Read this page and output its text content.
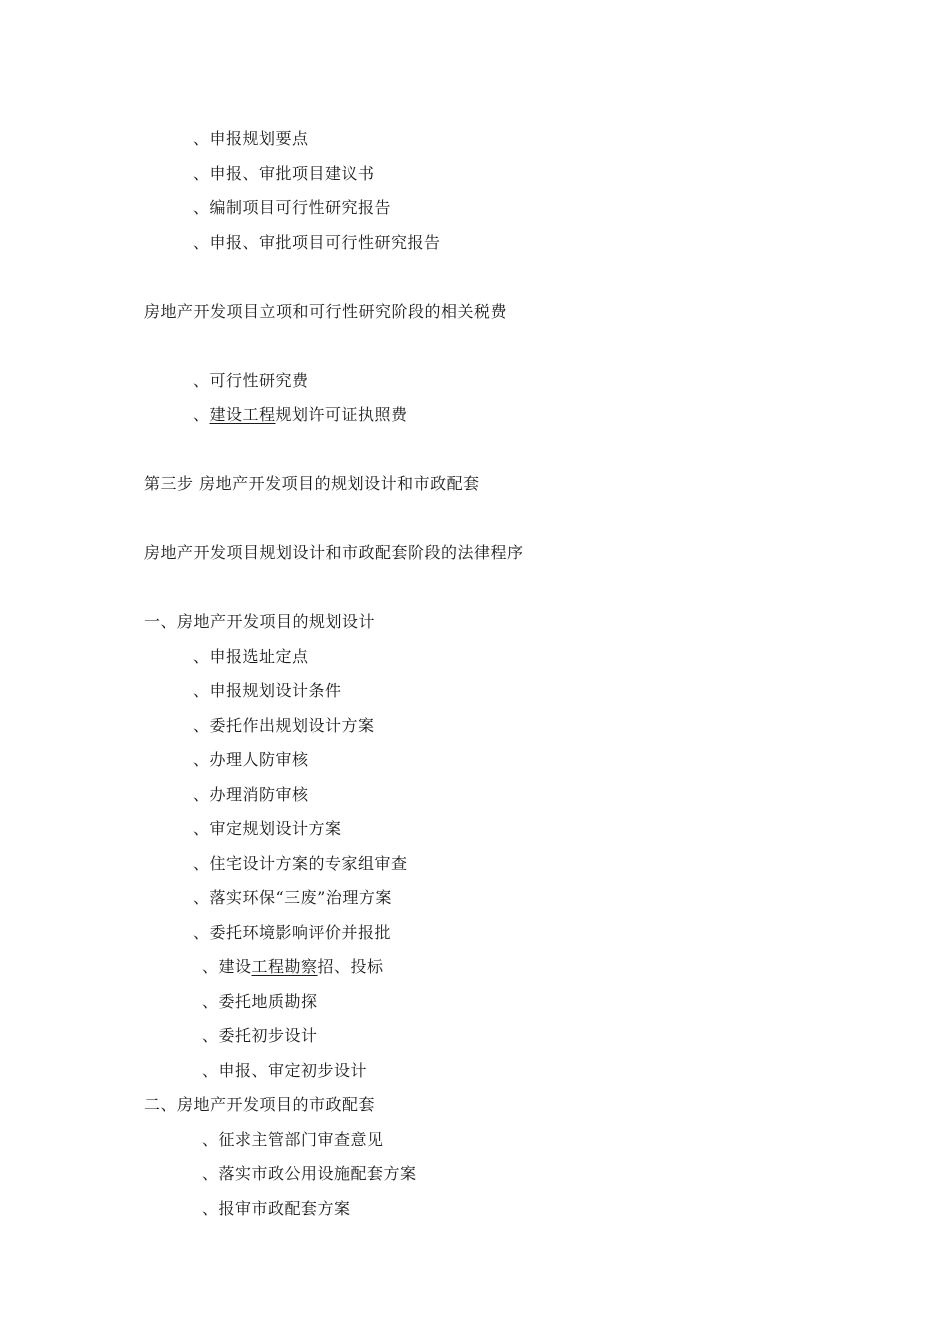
、申报规划要点
、申报、审批项目建议书
、编制项目可行性研究报告
、申报、审批项目可行性研究报告
房地产开发项目立项和可行性研究阶段的相关税费
、可行性研究费
、建设工程规划许可证执照费
第三步 房地产开发项目的规划设计和市政配套
房地产开发项目规划设计和市政配套阶段的法律程序
一、房地产开发项目的规划设计
、申报选址定点
、申报规划设计条件
、委托作出规划设计方案
、办理人防审核
、办理消防审核
、审定规划设计方案
、住宅设计方案的专家组审查
、落实环保“三废”治理方案
、委托环境影响评价并报批
、建设工程勘察招、投标
、委托地质勘探
、委托初步设计
、申报、审定初步设计
二、房地产开发项目的市政配套
、征求主管部门审查意见
、落实市政公用设施配套方案
、报审市政配套方案
